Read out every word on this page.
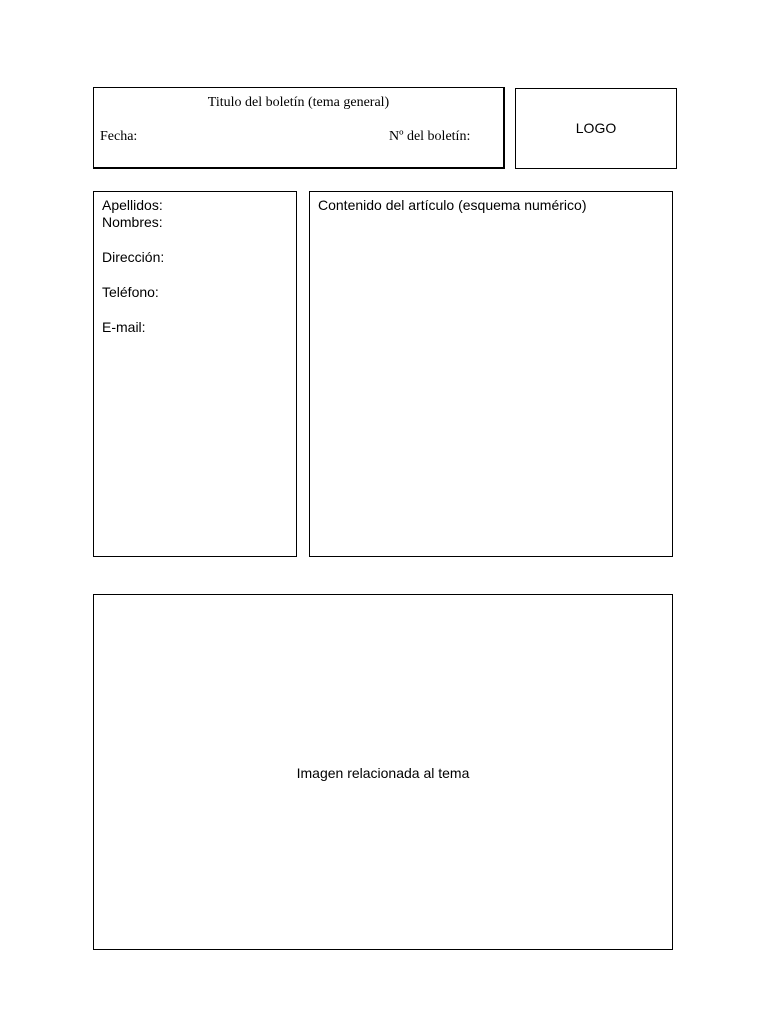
Titulo del boletín (tema general)
Fecha:	Nº del boletín:
LOGO
Apellidos:
Nombres:
Dirección:
Teléfono:
E-mail:
Contenido del artículo (esquema numérico)
Imagen relacionada al tema
